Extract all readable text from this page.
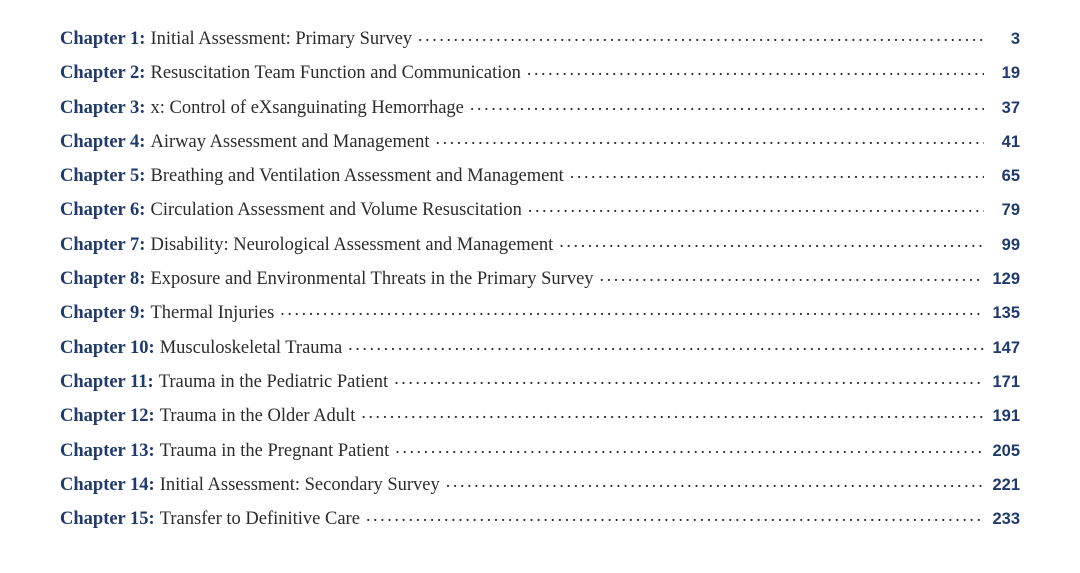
Chapter 1: Initial Assessment: Primary Survey .....	3
Chapter 2: Resuscitation Team Function and Communication .....	19
Chapter 3: x: Control of eXsanguinating Hemorrhage .....	37
Chapter 4: Airway Assessment and Management .....	41
Chapter 5: Breathing and Ventilation Assessment and Management .....	65
Chapter 6: Circulation Assessment and Volume Resuscitation .....	79
Chapter 7: Disability: Neurological Assessment and Management .....	99
Chapter 8: Exposure and Environmental Threats in the Primary Survey .....	129
Chapter 9: Thermal Injuries .....	135
Chapter 10: Musculoskeletal Trauma .....	147
Chapter 11: Trauma in the Pediatric Patient .....	171
Chapter 12: Trauma in the Older Adult .....	191
Chapter 13: Trauma in the Pregnant Patient .....	205
Chapter 14: Initial Assessment: Secondary Survey .....	221
Chapter 15: Transfer to Definitive Care .....	233
